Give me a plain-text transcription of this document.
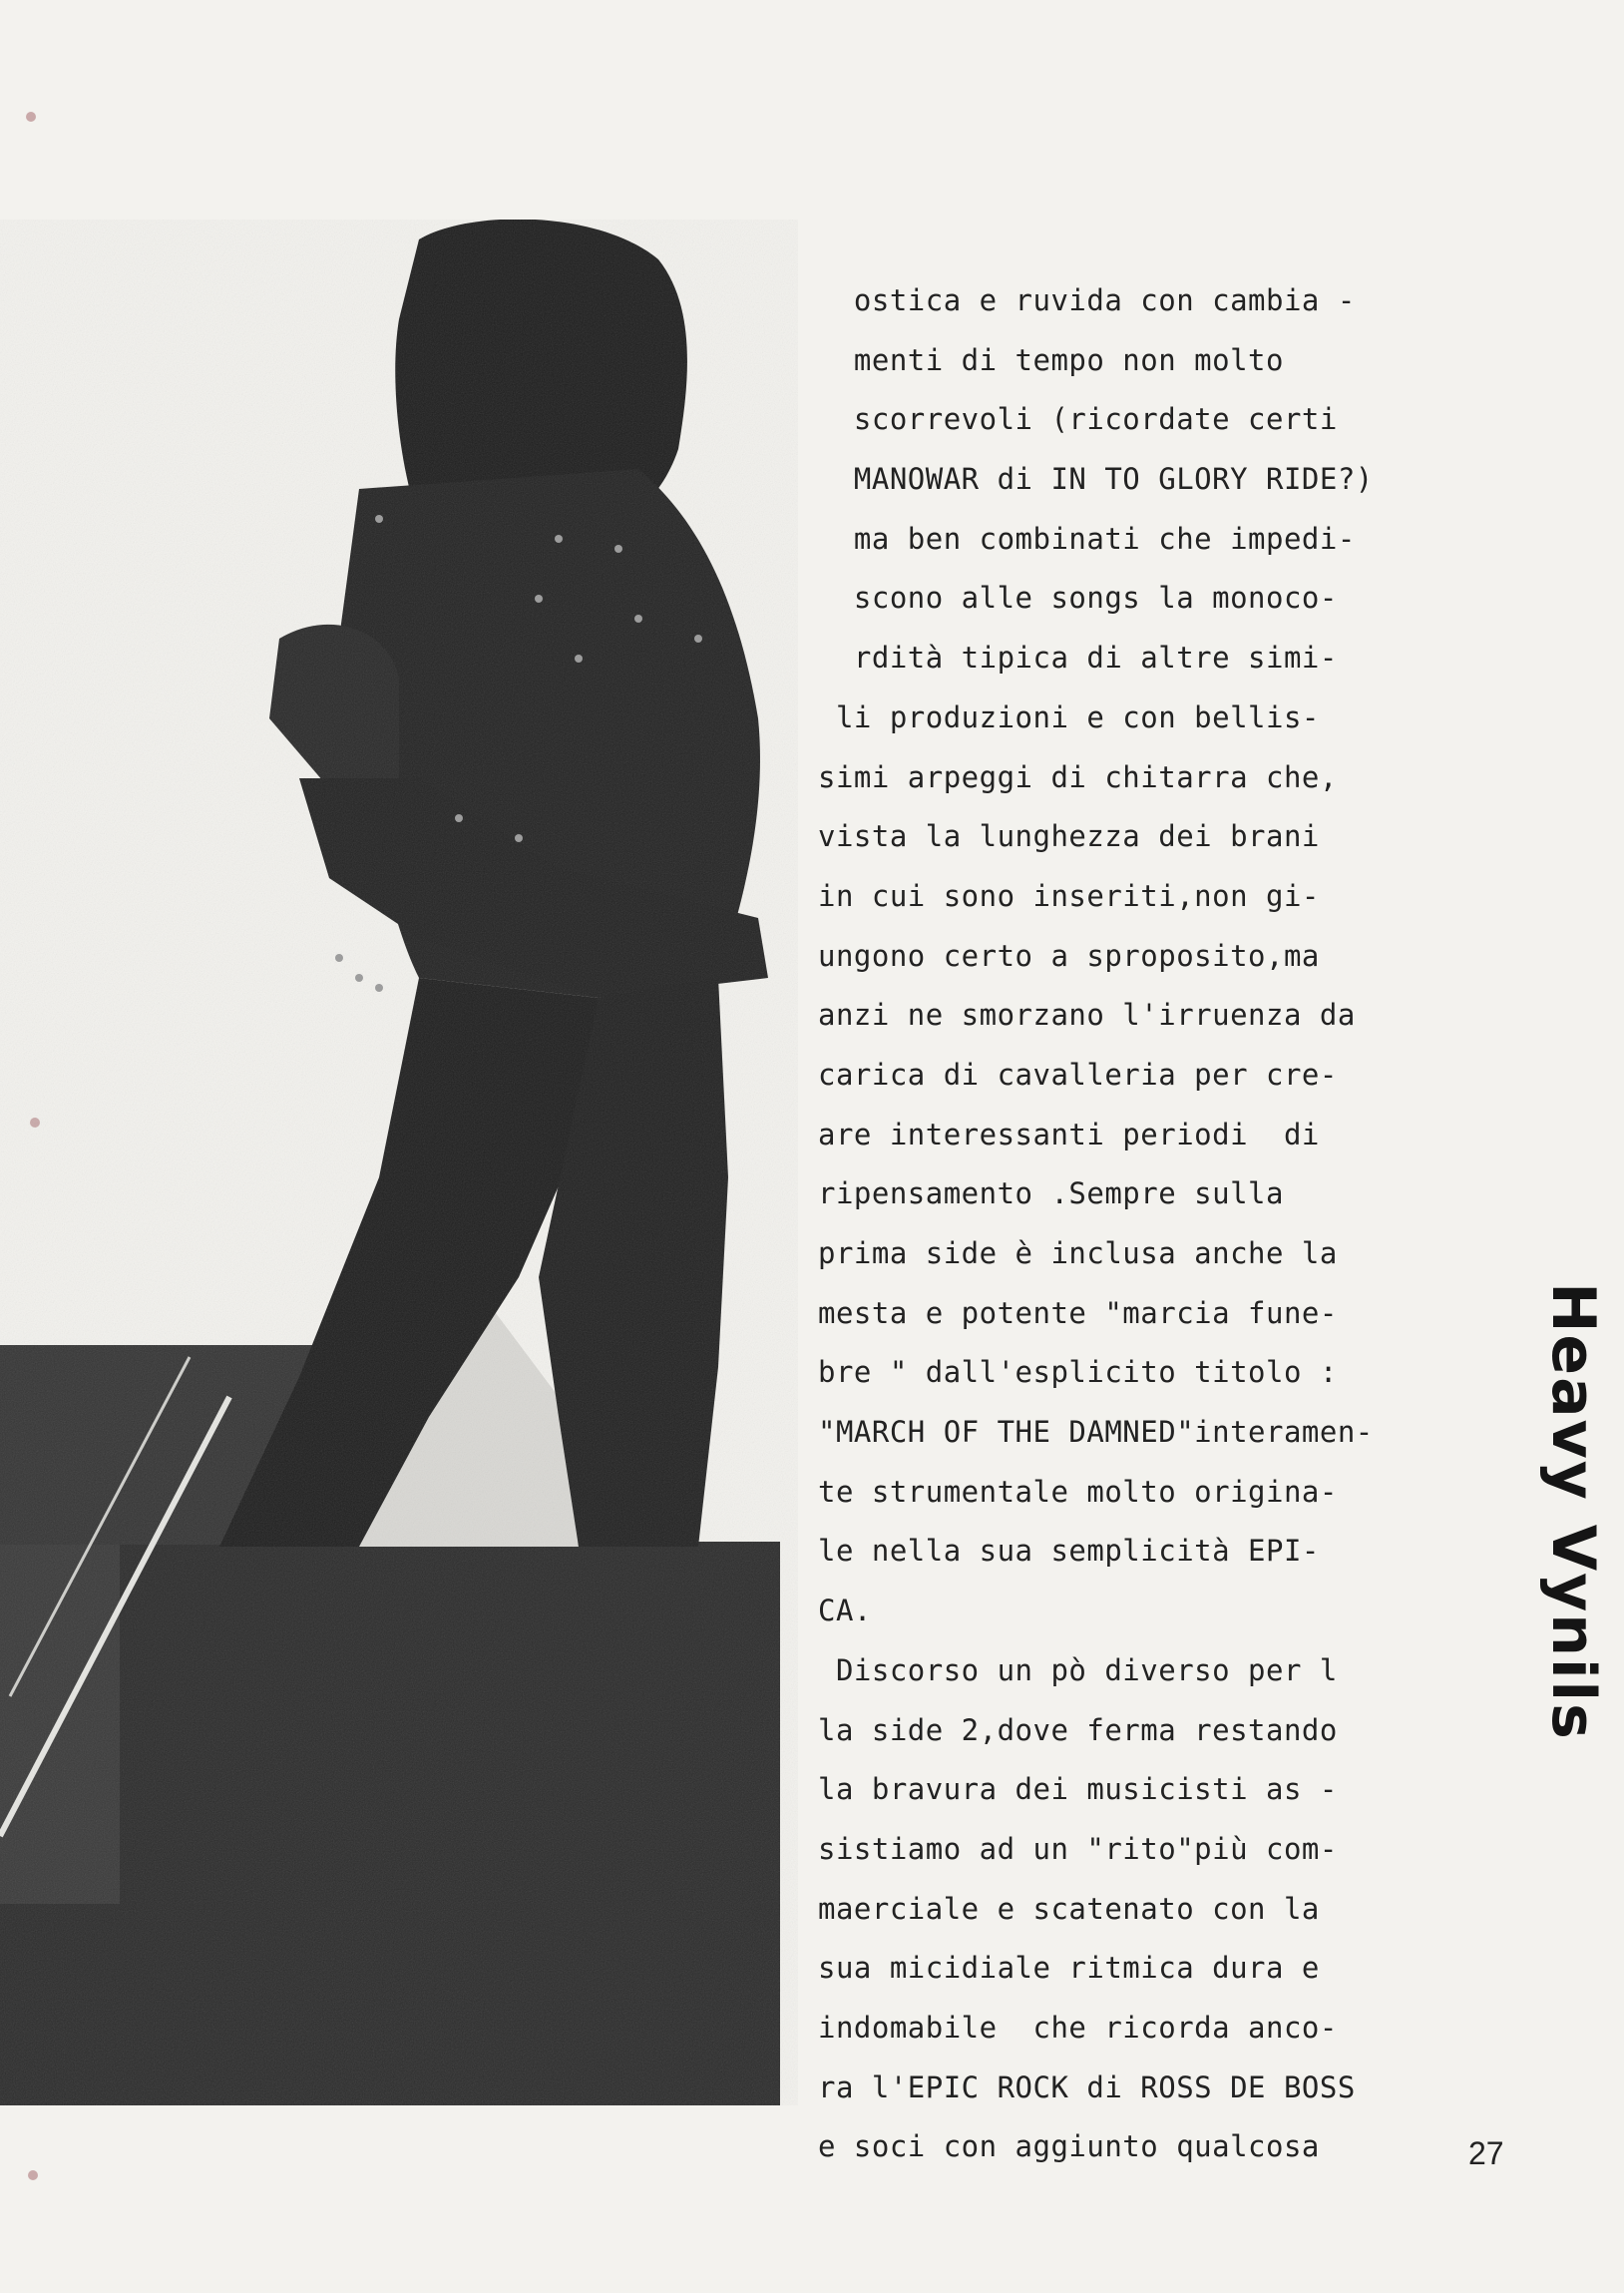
ostica e ruvida con cambia -
menti di tempo non molto
scorrevoli (ricordate certi
MANOWAR di IN TO GLORY RIDE?)
ma ben combinati che impedi-
scono alle songs la monoco-
rdità tipica di altre simi-
li produzioni e con bellis-
simi arpeggi di chitarra che,
vista la lunghezza dei brani
in cui sono inseriti,non gi-
ungono certo a sproposito,ma
anzi ne smorzano l'irruenza da
carica di cavalleria per cre-
are interessanti periodi  di
ripensamento .Sempre sulla
prima side è inclusa anche la
mesta e potente "marcia fune-
bre " dall'esplicito titolo :
"MARCH OF THE DAMNED"interamen-
te strumentale molto origina-
le nella sua semplicità EPI-
CA.
Discorso un pò diverso per l
la side 2,dove ferma restando
la bravura dei musicisti as -
sistiamo ad un "rito"più com-
maerciale e scatenato con la
sua micidiale ritmica dura e
indomabile  che ricorda anco-
ra l'EPIC ROCK di ROSS DE BOSS
e soci con aggiunto qualcosa
Heavy Vynils
27
